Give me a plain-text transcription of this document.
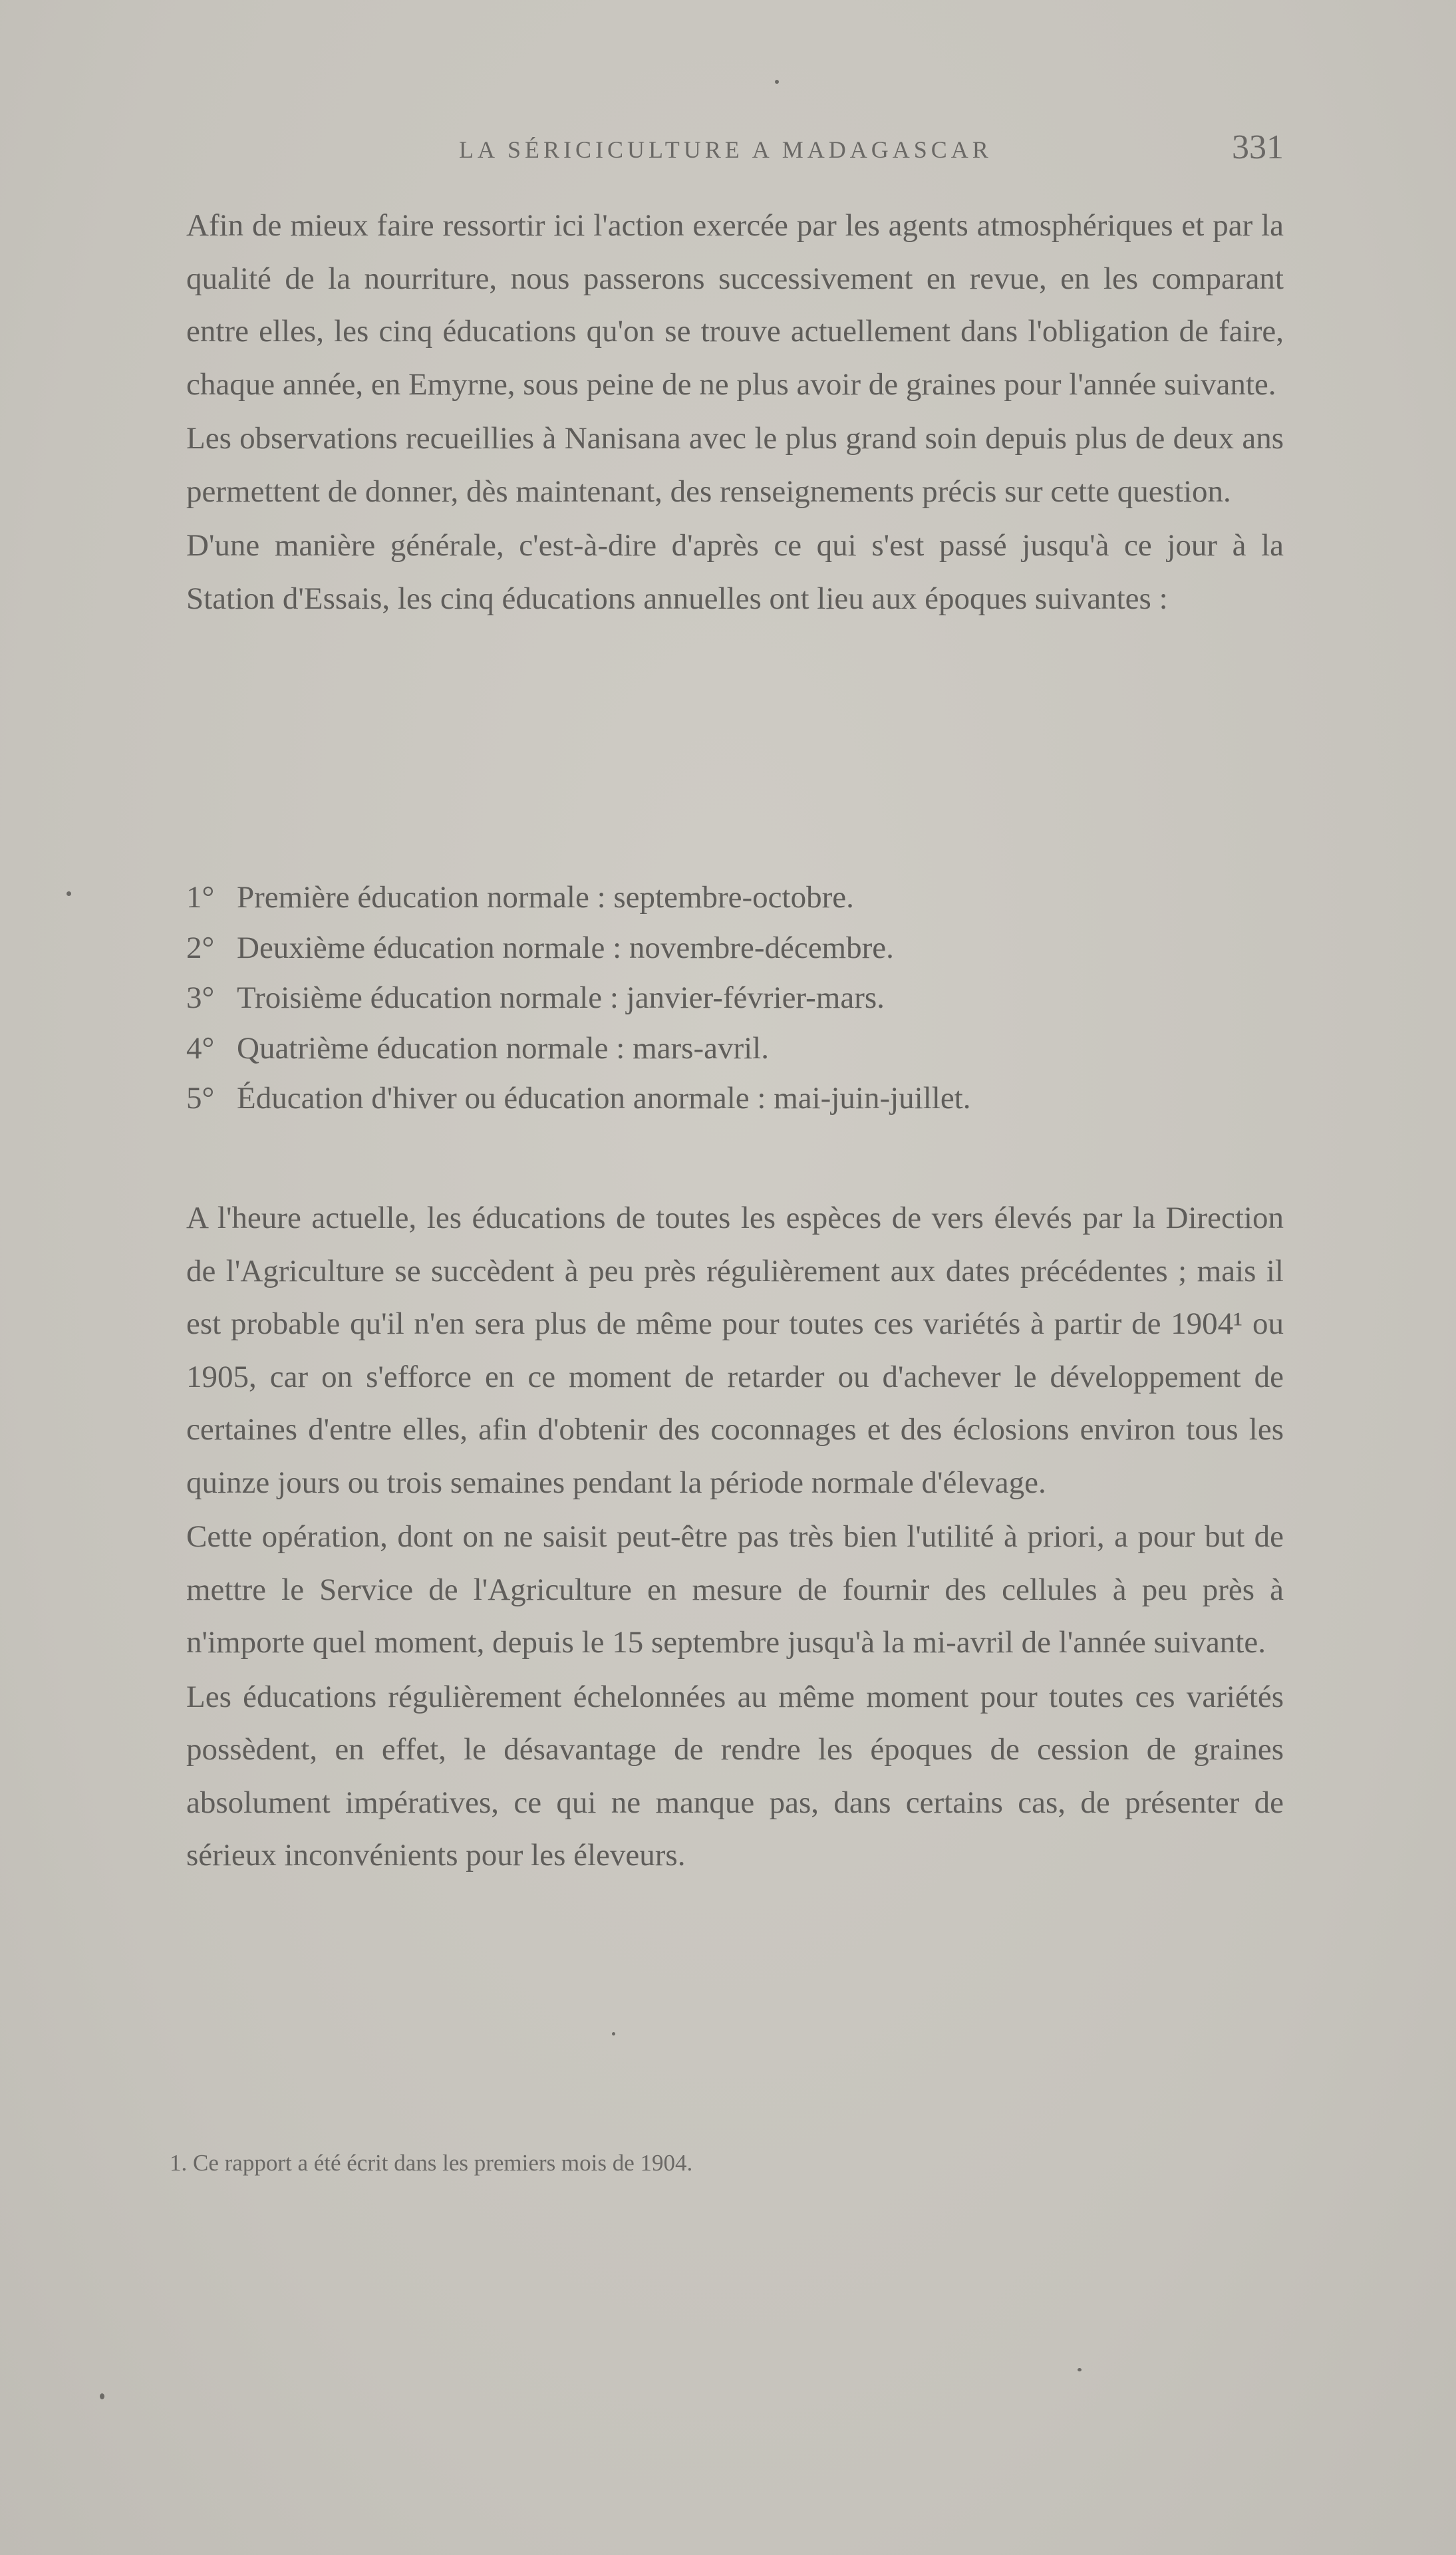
LA SÉRICICULTURE A MADAGASCAR	331

Afin de mieux faire ressortir ici l'action exercée par les agents atmosphériques et par la qualité de la nourriture, nous passerons successivement en revue, en les comparant entre elles, les cinq éducations qu'on se trouve actuellement dans l'obligation de faire, chaque année, en Emyrne, sous peine de ne plus avoir de graines pour l'année suivante.

Les observations recueillies à Nanisana avec le plus grand soin depuis plus de deux ans permettent de donner, dès maintenant, des renseignements précis sur cette question.

D'une manière générale, c'est-à-dire d'après ce qui s'est passé jusqu'à ce jour à la Station d'Essais, les cinq éducations annuelles ont lieu aux époques suivantes :

1° Première éducation normale : septembre-octobre.
2° Deuxième éducation normale : novembre-décembre.
3° Troisième éducation normale : janvier-février-mars.
4° Quatrième éducation normale : mars-avril.
5° Éducation d'hiver ou éducation anormale : mai-juin-juillet.

A l'heure actuelle, les éducations de toutes les espèces de vers élevés par la Direction de l'Agriculture se succèdent à peu près régulièrement aux dates précédentes ; mais il est probable qu'il n'en sera plus de même pour toutes ces variétés à partir de 1904¹ ou 1905, car on s'efforce en ce moment de retarder ou d'achever le développement de certaines d'entre elles, afin d'obtenir des coconnages et des éclosions environ tous les quinze jours ou trois semaines pendant la période normale d'élevage.

Cette opération, dont on ne saisit peut-être pas très bien l'utilité à priori, a pour but de mettre le Service de l'Agriculture en mesure de fournir des cellules à peu près à n'importe quel moment, depuis le 15 septembre jusqu'à la mi-avril de l'année suivante.

Les éducations régulièrement échelonnées au même moment pour toutes ces variétés possèdent, en effet, le désavantage de rendre les époques de cession de graines absolument impératives, ce qui ne manque pas, dans certains cas, de présenter de sérieux inconvénients pour les éleveurs.

1. Ce rapport a été écrit dans les premiers mois de 1904.
